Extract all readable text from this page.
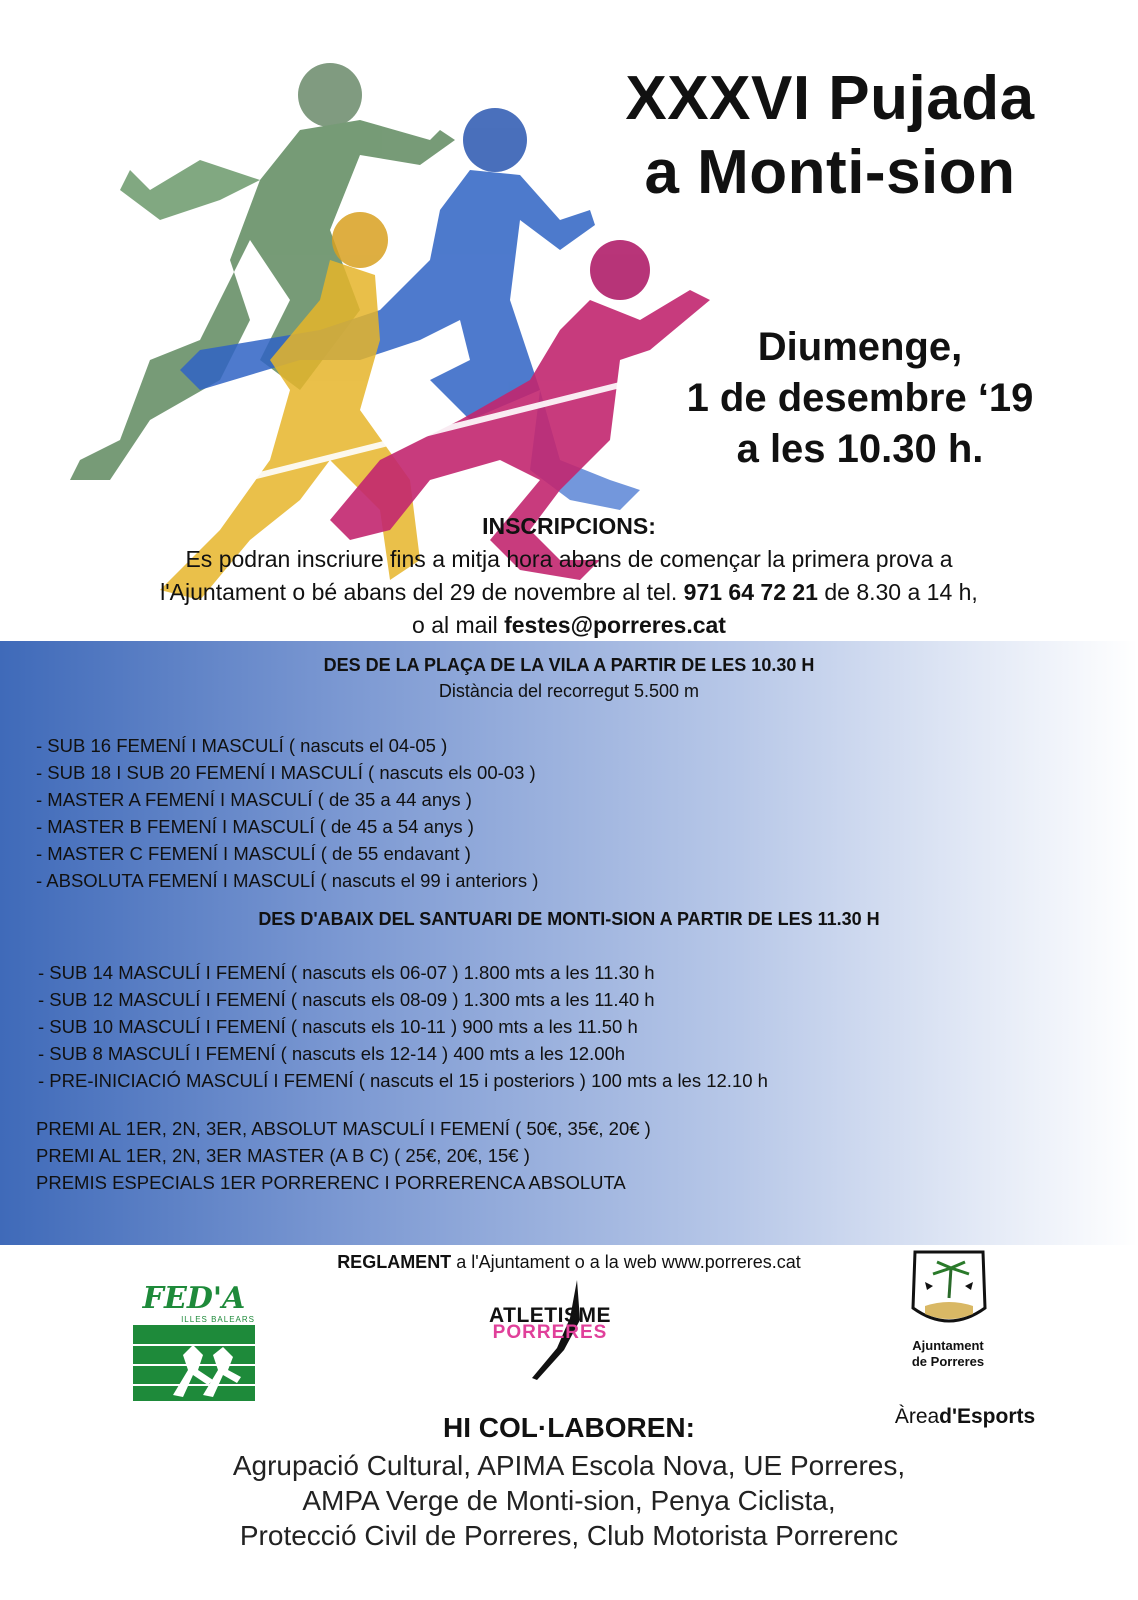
XXXVI Pujada
a Monti-sion
Diumenge,
1 de desembre ‘19
a les 10.30 h.
INSCRIPCIONS:
Es podran inscriure fins a mitja hora abans de començar la primera prova a
l'Ajuntament o bé abans del 29 de novembre al tel. 971 64 72 21 de 8.30 a 14 h,
o al mail festes@porreres.cat
DES DE LA PLAÇA DE LA VILA A PARTIR DE LES 10.30 H
Distància del recorregut 5.500 m
- SUB 16 FEMENÍ I MASCULÍ ( nascuts el 04-05 )
- SUB 18 I SUB 20 FEMENÍ I MASCULÍ ( nascuts els 00-03 )
- MASTER A FEMENÍ I MASCULÍ ( de 35 a 44 anys )
- MASTER B FEMENÍ I MASCULÍ ( de 45 a 54 anys )
- MASTER C FEMENÍ I MASCULÍ ( de 55 endavant )
- ABSOLUTA FEMENÍ I MASCULÍ ( nascuts el 99 i anteriors )
DES D'ABAIX DEL SANTUARI DE MONTI-SION A PARTIR DE LES 11.30 H
- SUB 14 MASCULÍ I FEMENÍ ( nascuts els 06-07 ) 1.800 mts a les 11.30 h
- SUB 12 MASCULÍ I FEMENÍ ( nascuts els 08-09 ) 1.300 mts a les 11.40 h
- SUB 10 MASCULÍ I FEMENÍ ( nascuts els 10-11 ) 900 mts a les 11.50 h
- SUB 8 MASCULÍ I FEMENÍ ( nascuts els 12-14 ) 400 mts a les 12.00h
- PRE-INICIACIÓ MASCULÍ I FEMENÍ ( nascuts el 15 i posteriors ) 100 mts a les 12.10 h
PREMI AL 1ER, 2N, 3ER, ABSOLUT MASCULÍ I FEMENÍ ( 50€, 35€, 20€ )
PREMI AL 1ER, 2N, 3ER MASTER (A B C) ( 25€, 20€, 15€ )
PREMIS ESPECIALS 1ER PORRERENC I PORRERENCA ABSOLUTA
REGLAMENT a l'Ajuntament o a la web www.porreres.cat
FED'A
ILLES BALEARS	ATLETISME
PORRERES
Ajuntament
de Porreres
Àread'Esports
HI COL·LABOREN:
Agrupació Cultural, APIMA Escola Nova, UE Porreres,
AMPA Verge de Monti-sion, Penya Ciclista,
Protecció Civil de Porreres, Club Motorista Porrerenc
